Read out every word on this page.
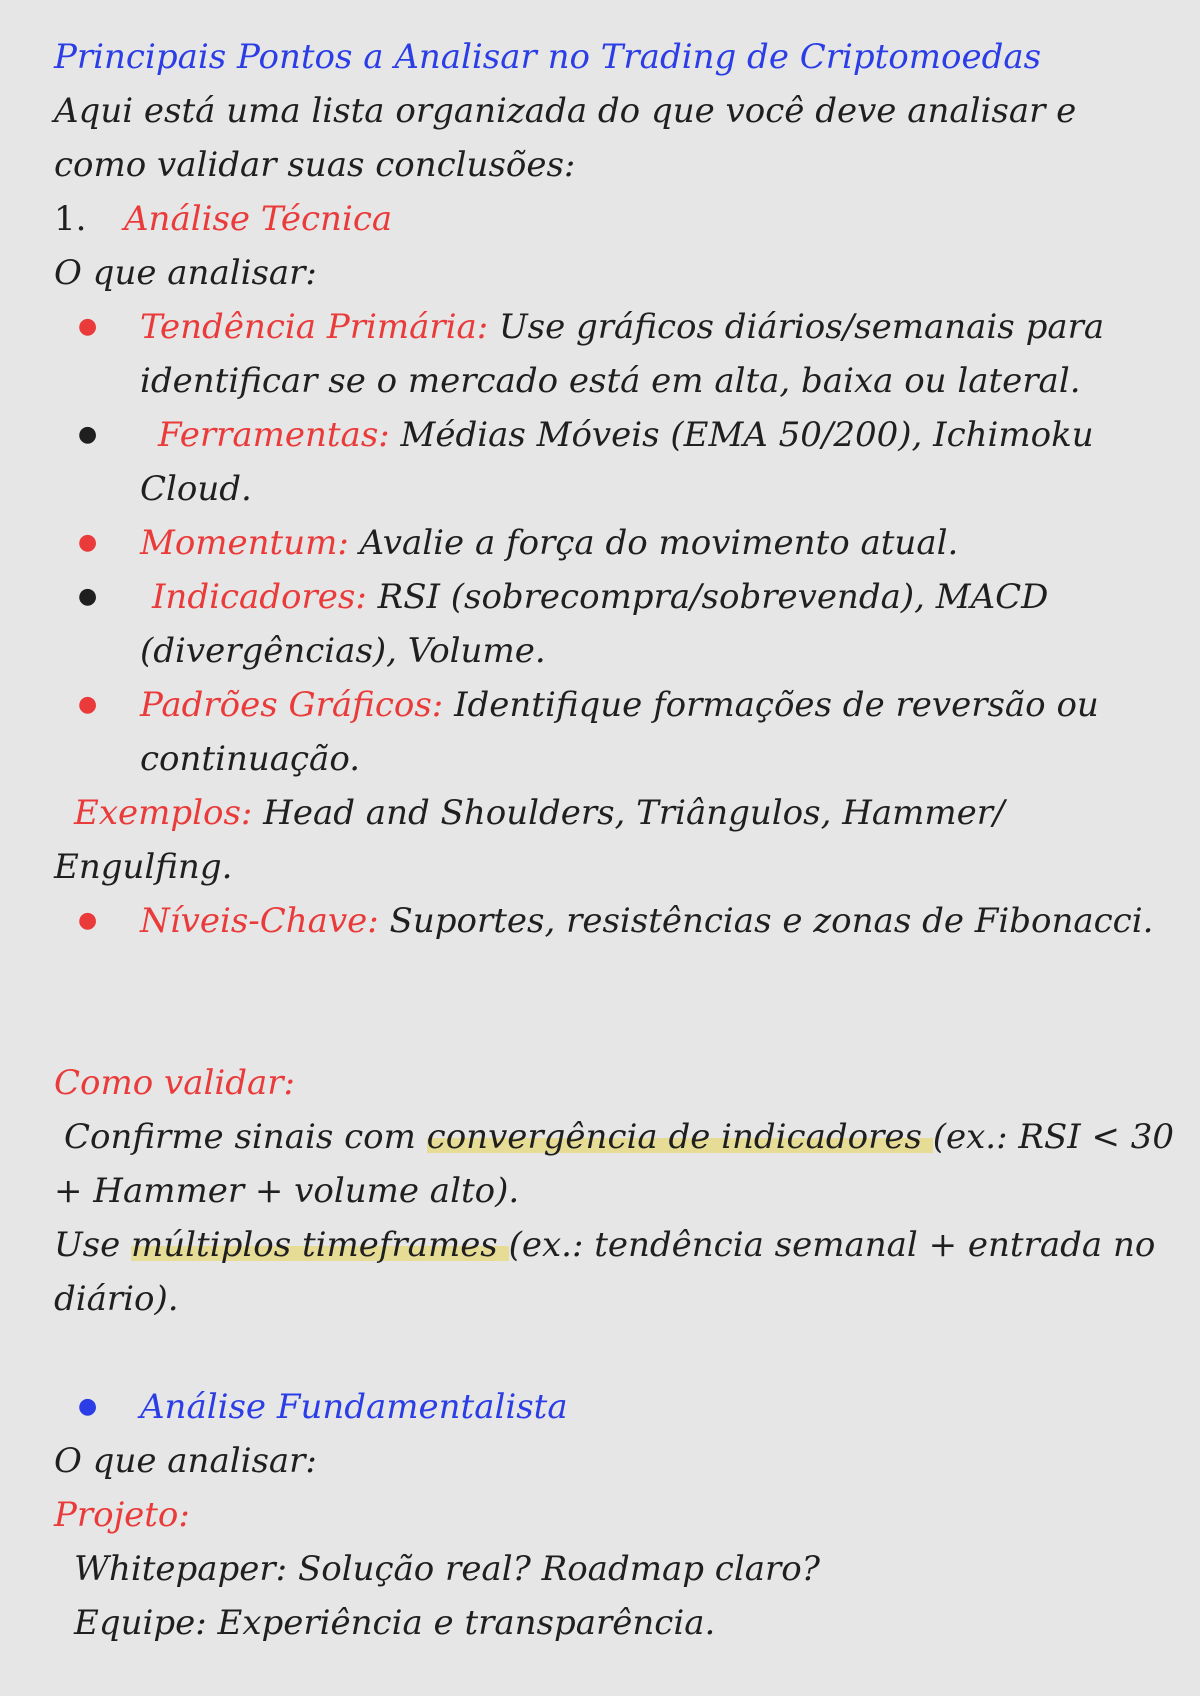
Principais Pontos a Analisar no Trading de Criptomoedas
Aqui está uma lista organizada do que você deve analisar e
como validar suas conclusões:
1. Análise Técnica
O que analisar:
● Tendência Primária: Use gráficos diários/semanais para
identificar se o mercado está em alta, baixa ou lateral.
● Ferramentas: Médias Móveis (EMA 50/200), Ichimoku
Cloud.
● Momentum: Avalie a força do movimento atual.
● Indicadores: RSI (sobrecompra/sobrevenda), MACD
(divergências), Volume.
● Padrões Gráficos: Identifique formações de reversão ou
continuação.
Exemplos: Head and Shoulders, Triângulos, Hammer/
Engulfing.
● Níveis-Chave: Suportes, resistências e zonas de Fibonacci.
Como validar:
Confirme sinais com convergência de indicadores (ex.: RSI < 30
+ Hammer + volume alto).
Use múltiplos timeframes (ex.: tendência semanal + entrada no
diário).
● Análise Fundamentalista
O que analisar:
Projeto:
Whitepaper: Solução real? Roadmap claro?
Equipe: Experiência e transparência.
